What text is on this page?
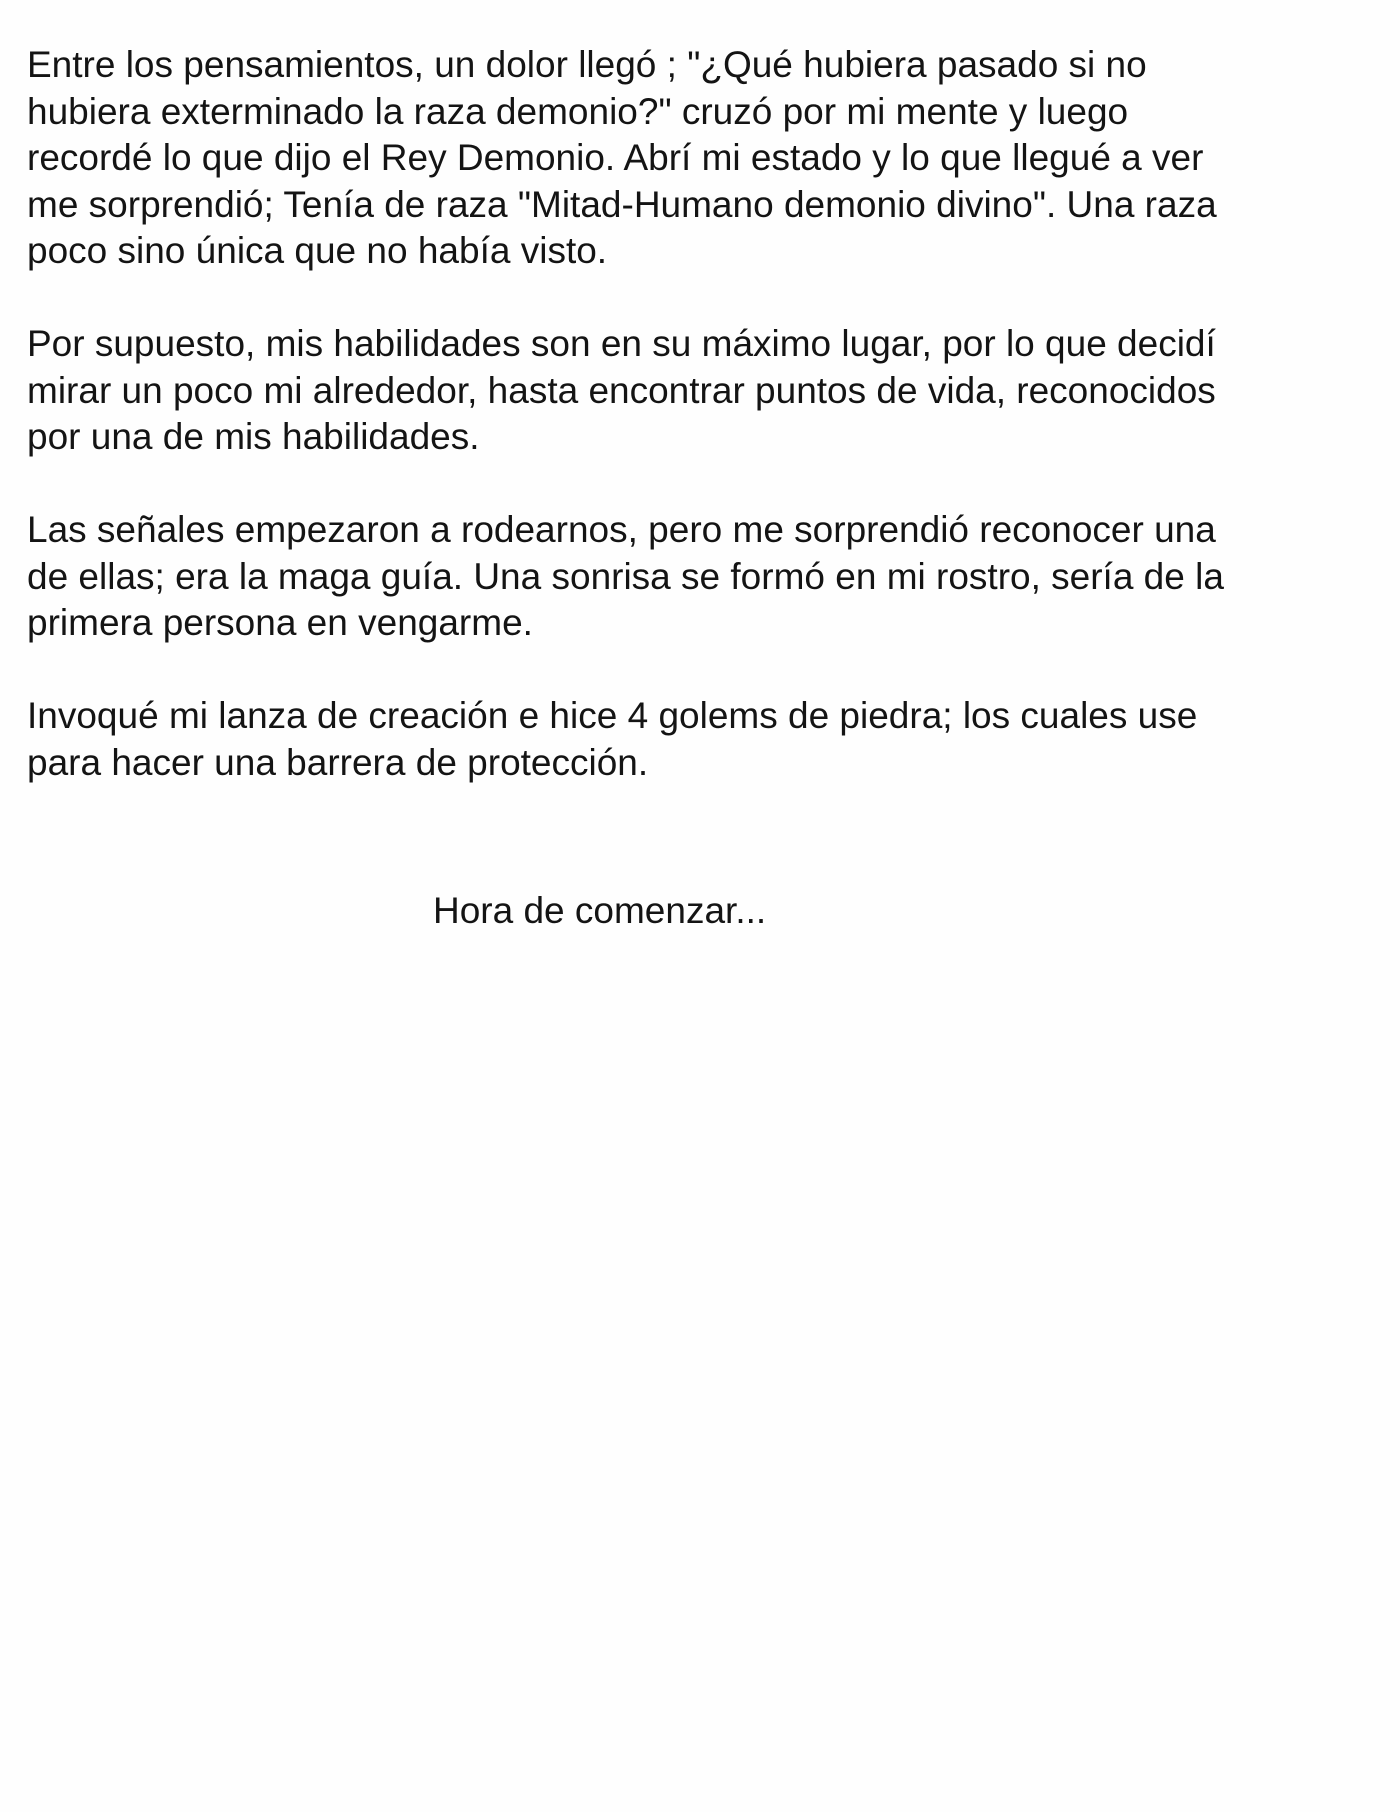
Entre los pensamientos, un dolor llegó ; "¿Qué hubiera pasado si no
hubiera exterminado la raza demonio?" cruzó por mi mente y luego
recordé lo que dijo el Rey Demonio. Abrí mi estado y lo que llegué a ver
me sorprendió; Tenía de raza "Mitad-Humano demonio divino". Una raza
poco sino única que no había visto.

Por supuesto, mis habilidades son en su máximo lugar, por lo que decidí
mirar un poco mi alrededor, hasta encontrar puntos de vida, reconocidos
por una de mis habilidades.

Las señales empezaron a rodearnos, pero me sorprendió reconocer una
de ellas; era la maga guía. Una sonrisa se formó en mi rostro, sería de la
primera persona en vengarme.

Invoqué mi lanza de creación e hice 4 golems de piedra; los cuales use
para hacer una barrera de protección.

Hora de comenzar...
